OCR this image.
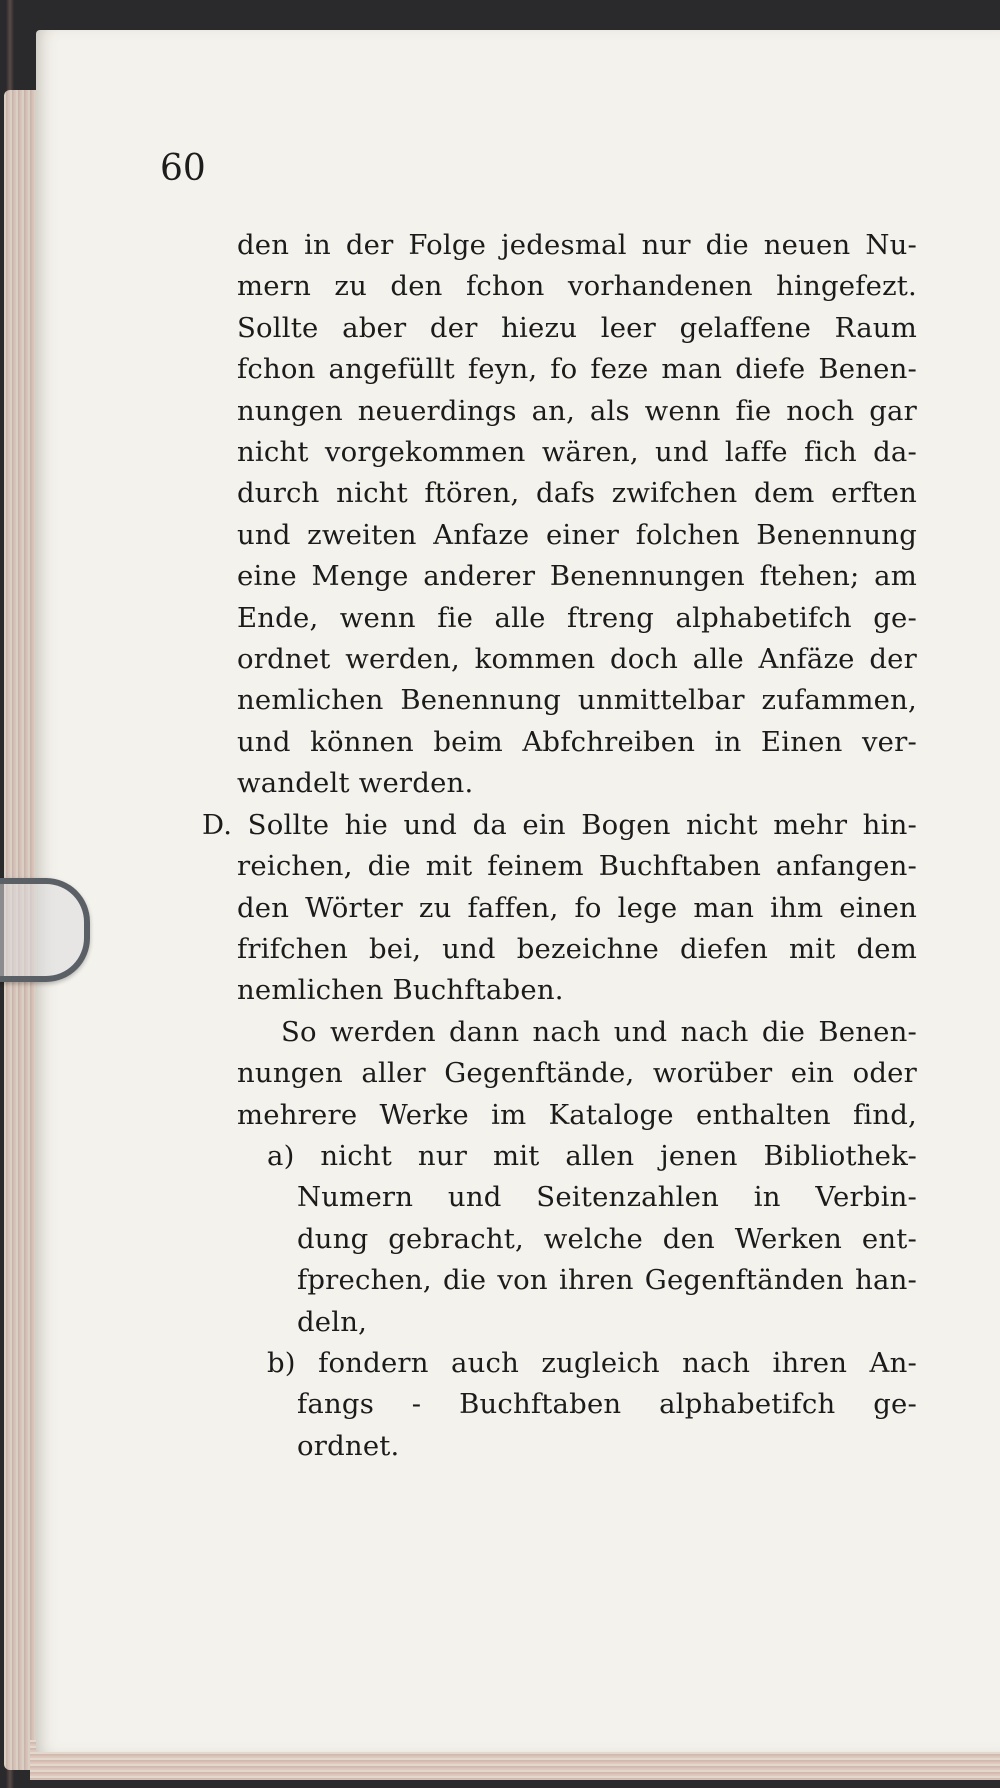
60
den in der Folge jedesmal nur die neuen Nu-
mern zu den fchon vorhandenen hingefezt.
Sollte aber der hiezu leer gelaffene Raum
fchon angefüllt feyn, fo feze man diefe Benen-
nungen neuerdings an, als wenn fie noch gar
nicht vorgekommen wären, und laffe fich da-
durch nicht ftören, dafs zwifchen dem erften
und zweiten Anfaze einer folchen Benennung
eine Menge anderer Benennungen ftehen; am
Ende, wenn fie alle ftreng alphabetifch ge-
ordnet werden, kommen doch alle Anfäze der
nemlichen Benennung unmittelbar zufammen,
und können beim Abfchreiben in Einen ver-
wandelt werden.
D. Sollte hie und da ein Bogen nicht mehr hin-
reichen, die mit feinem Buchftaben anfangen-
den Wörter zu faffen, fo lege man ihm einen
frifchen bei, und bezeichne diefen mit dem
nemlichen Buchftaben.
So werden dann nach und nach die Benen-
nungen aller Gegenftände, worüber ein oder
mehrere Werke im Kataloge enthalten find,
a) nicht nur mit allen jenen Bibliothek-
Numern und Seitenzahlen in Verbin-
dung gebracht, welche den Werken ent-
fprechen, die von ihren Gegenftänden han-
deln,
b) fondern auch zugleich nach ihren An-
fangs - Buchftaben alphabetifch ge-
ordnet.
